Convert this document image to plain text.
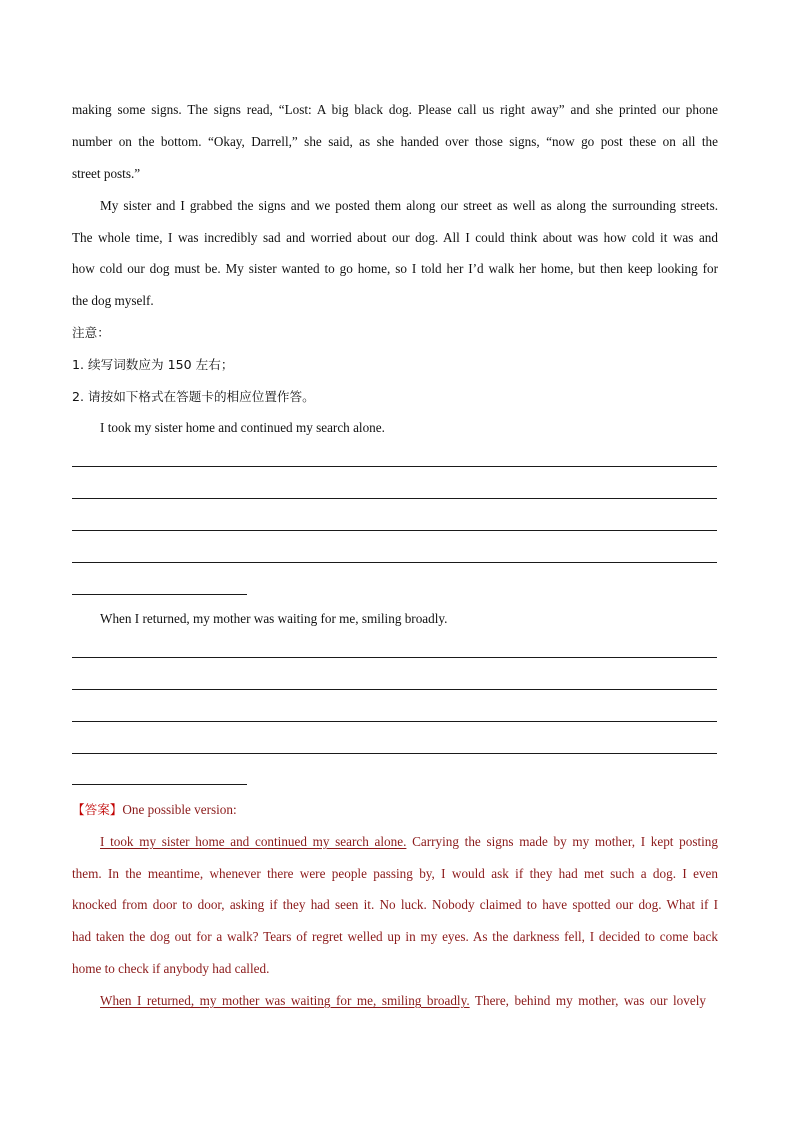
making some signs. The signs read, “Lost: A big black dog. Please call us right away” and she printed our phone
number on the bottom. “Okay, Darrell,” she said, as she handed over those signs, “now go post these on all the
street posts.”
My sister and I grabbed the signs and we posted them along our street as well as along the surrounding streets.
The whole time, I was incredibly sad and worried about our dog. All I could think about was how cold it was and
how cold our dog must be. My sister wanted to go home, so I told her I’d walk her home, but then keep looking for
the dog myself.
注意：
1. 续写词数应为 150 左右；
2. 请按如下格式在答题卡的相应位置作答。
I took my sister home and continued my search alone.
When I returned, my mother was waiting for me, smiling broadly.
【答案】One possible version:
I took my sister home and continued my search alone. Carrying the signs made by my mother, I kept posting
them. In the meantime, whenever there were people passing by, I would ask if they had met such a dog. I even
knocked from door to door, asking if they had seen it. No luck. Nobody claimed to have spotted our dog. What if I
had taken the dog out for a walk? Tears of regret welled up in my eyes. As the darkness fell, I decided to come back
home to check if anybody had called.
When I returned, my mother was waiting for me, smiling broadly. There, behind my mother, was our lovely
